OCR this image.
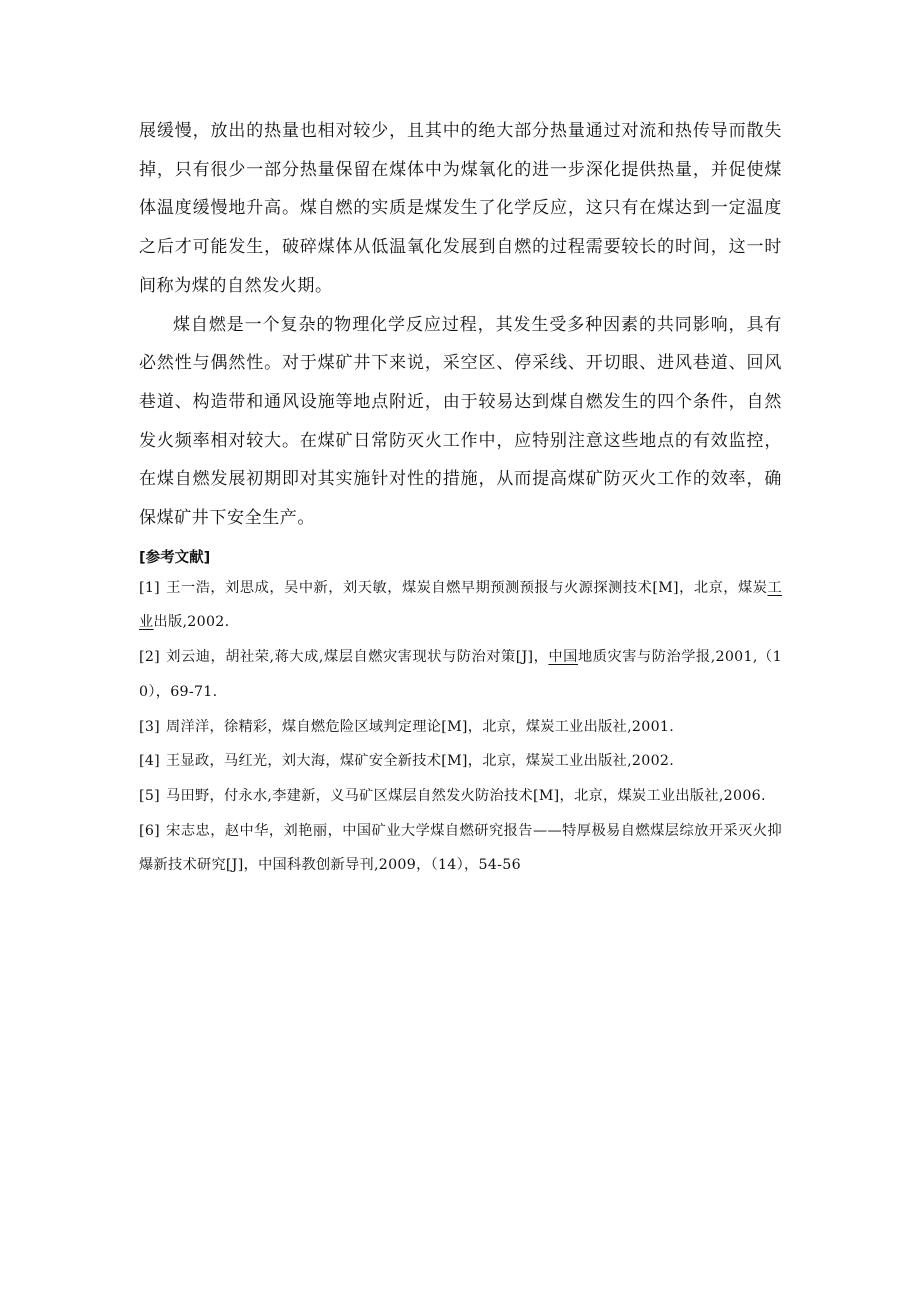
展缓慢，放出的热量也相对较少，且其中的绝大部分热量通过对流和热传导而散失掉，只有很少一部分热量保留在煤体中为煤氧化的进一步深化提供热量，并促使煤体温度缓慢地升高。煤自燃的实质是煤发生了化学反应，这只有在煤达到一定温度之后才可能发生，破碎煤体从低温氧化发展到自燃的过程需要较长的时间，这一时间称为煤的自然发火期。

煤自燃是一个复杂的物理化学反应过程，其发生受多种因素的共同影响，具有必然性与偶然性。对于煤矿井下来说，采空区、停采线、开切眼、进风巷道、回风巷道、构造带和通风设施等地点附近，由于较易达到煤自燃发生的四个条件，自然发火频率相对较大。在煤矿日常防灭火工作中，应特别注意这些地点的有效监控，在煤自燃发展初期即对其实施针对性的措施，从而提高煤矿防灭火工作的效率，确保煤矿井下安全生产。

[参考文献]

[1] 王一浩，刘思成，吴中新，刘天敏，煤炭自燃早期预测预报与火源探测技术[M]，北京，煤炭工业出版,2002.
[2] 刘云迪，胡社荣,蒋大成,煤层自燃灾害现状与防治对策[J]，中国地质灾害与防治学报,2001,（10），69-71.
[3] 周洋洋，徐精彩，煤自燃危险区域判定理论[M]，北京，煤炭工业出版社,2001.
[4] 王显政，马红光，刘大海，煤矿安全新技术[M]，北京，煤炭工业出版社,2002.
[5] 马田野，付永水,李建新，义马矿区煤层自然发火防治技术[M]，北京，煤炭工业出版社,2006.
[6] 宋志忠，赵中华，刘艳丽，中国矿业大学煤自燃研究报告——特厚极易自燃煤层综放开采灭火抑爆新技术研究[J]，中国科教创新导刊,2009，（14），54-56
